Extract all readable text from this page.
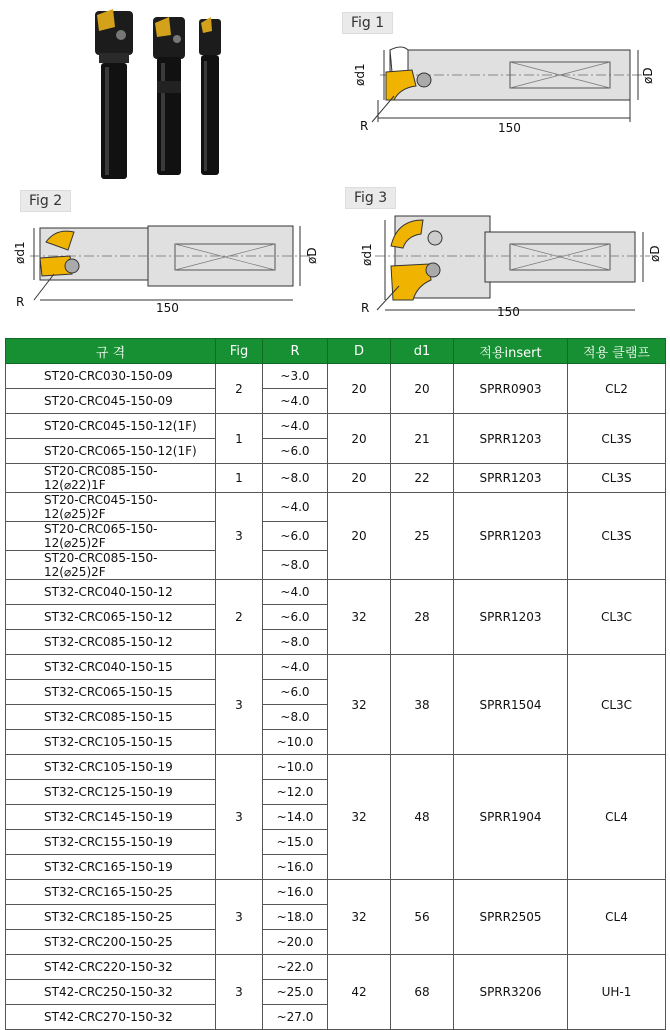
Fig 1
ød1	øD
R	150
Fig 2
ød1	øD
R	150
Fig 3
ød1	øD
R	150
규 격	Fig	R	D	d1	적용insert	적용 클램프
ST20-CRC030-150-09	2	~3.0	20	20	SPRR0903	CL2
ST20-CRC045-150-09		~4.0				
ST20-CRC045-150-12(1F)	1	~4.0	20	21	SPRR1203	CL3S
ST20-CRC065-150-12(1F)		~6.0				
ST20-CRC085-150-12(⌀22)1F	1	~8.0	20	22	SPRR1203	CL3S
ST20-CRC045-150-12(⌀25)2F	3	~4.0	20	25	SPRR1203	CL3S
ST20-CRC065-150-12(⌀25)2F		~6.0				
ST20-CRC085-150-12(⌀25)2F		~8.0				
ST32-CRC040-150-12	2	~4.0	32	28	SPRR1203	CL3C
ST32-CRC065-150-12		~6.0				
ST32-CRC085-150-12		~8.0				
ST32-CRC040-150-15	3	~4.0	32	38	SPRR1504	CL3C
ST32-CRC065-150-15		~6.0				
ST32-CRC085-150-15		~8.0				
ST32-CRC105-150-15		~10.0				
ST32-CRC105-150-19	3	~10.0	32	48	SPRR1904	CL4
ST32-CRC125-150-19		~12.0				
ST32-CRC145-150-19		~14.0				
ST32-CRC155-150-19		~15.0				
ST32-CRC165-150-19		~16.0				
ST32-CRC165-150-25	3	~16.0	32	56	SPRR2505	CL4
ST32-CRC185-150-25		~18.0				
ST32-CRC200-150-25		~20.0				
ST42-CRC220-150-32	3	~22.0	42	68	SPRR3206	UH-1
ST42-CRC250-150-32		~25.0				
ST42-CRC270-150-32		~27.0				
